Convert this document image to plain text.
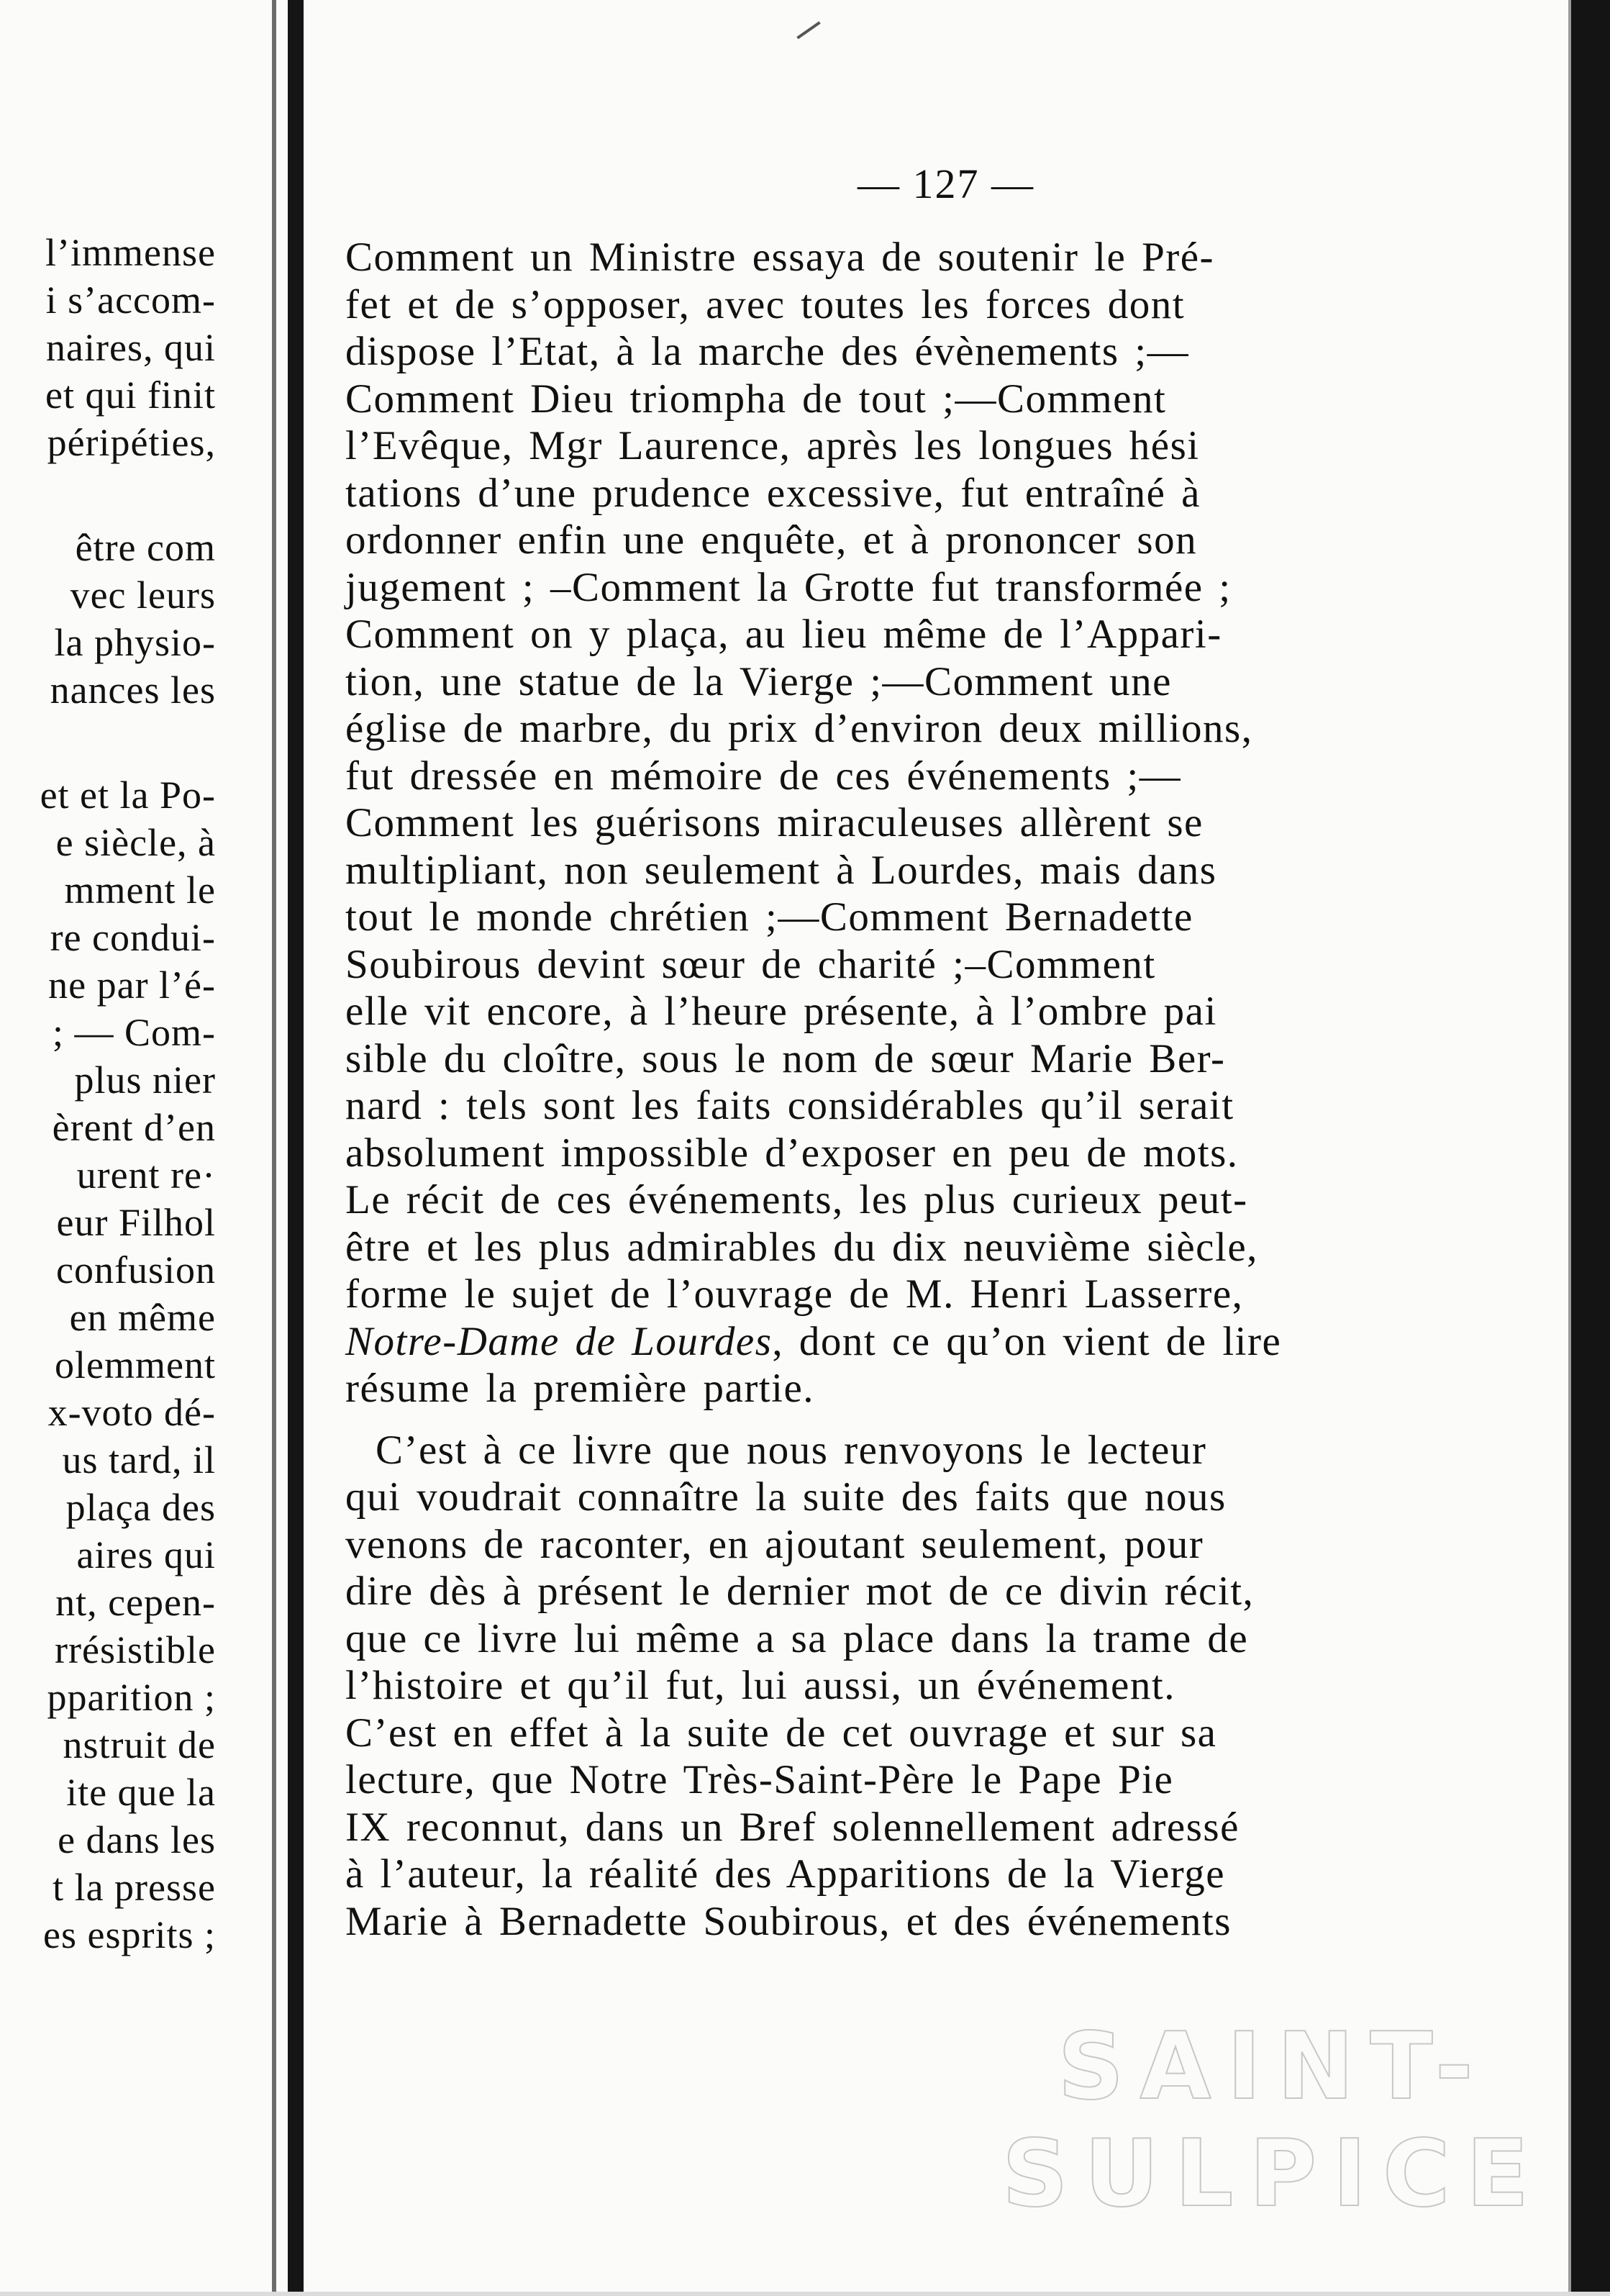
l’immense
i s’accom-
naires, qui
et qui finit
péripéties,
être com
vec leurs
la physio-
nances les
et et la Po-
e siècle, à
mment le
re condui-
ne par l’é-
; — Com-
plus nier
èrent d’en
urent re·
eur Filhol
confusion
en même
olemment
x-voto dé-
us tard, il
plaça des
aires qui
nt, cepen-
rrésistible
pparition ;
nstruit de
ite que la
e dans les
t la presse
es esprits ;
— 127 —
Comment un Ministre essaya de soutenir le Pré-
fet et de s’opposer, avec toutes les forces dont
dispose l’Etat, à la marche des évènements ;—
Comment Dieu triompha de tout ;—Comment
l’Evêque, Mgr Laurence, après les longues hési
tations d’une prudence excessive, fut entraîné à
ordonner enfin une enquête, et à prononcer son
jugement ; –Comment la Grotte fut transformée ;
Comment on y plaça, au lieu même de l’Appari-
tion, une statue de la Vierge ;—Comment une
église de marbre, du prix d’environ deux millions,
fut dressée en mémoire de ces événements ;—
Comment les guérisons miraculeuses allèrent se
multipliant, non seulement à Lourdes, mais dans
tout le monde chrétien ;—Comment Bernadette
Soubirous devint sœur de charité ;–Comment
elle vit encore, à l’heure présente, à l’ombre pai
sible du cloître, sous le nom de sœur Marie Ber-
nard : tels sont les faits considérables qu’il serait
absolument impossible d’exposer en peu de mots.
Le récit de ces événements, les plus curieux peut-
être et les plus admirables du dix neuvième siècle,
forme le sujet de l’ouvrage de M. Henri Lasserre,
Notre-Dame de Lourdes, dont ce qu’on vient de lire
résume la première partie.
C’est à ce livre que nous renvoyons le lecteur
qui voudrait connaître la suite des faits que nous
venons de raconter, en ajoutant seulement, pour
dire dès à présent le dernier mot de ce divin récit,
que ce livre lui même a sa place dans la trame de
l’histoire et qu’il fut, lui aussi, un événement.
C’est en effet à la suite de cet ouvrage et sur sa
lecture, que Notre Très-Saint-Père le Pape Pie
IX reconnut, dans un Bref solennellement adressé
à l’auteur, la réalité des Apparitions de la Vierge
Marie à Bernadette Soubirous, et des événements
SAINT-SULPICE
